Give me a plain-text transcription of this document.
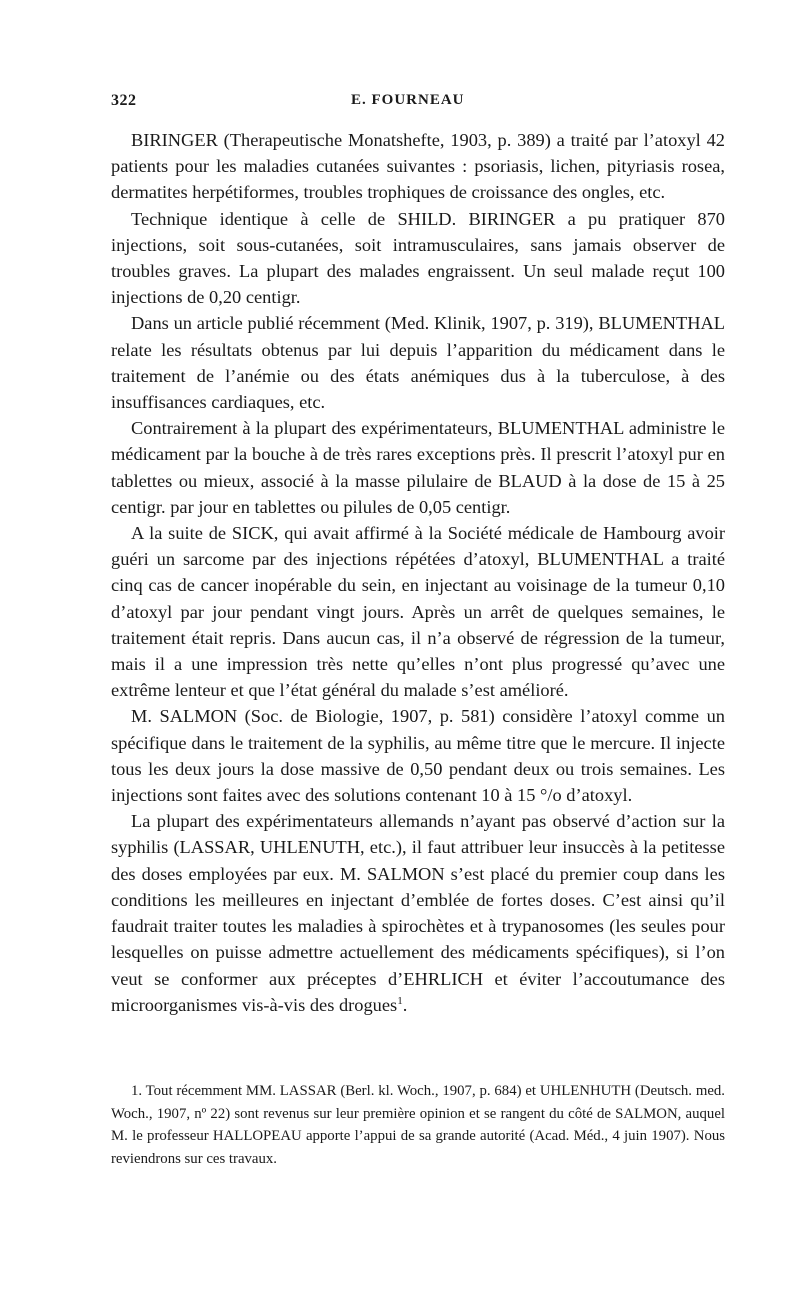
322	E. FOURNEAU

BIRINGER (Therapeutische Monatshefte, 1903, p. 389) a traité par l’atoxyl 42 patients pour les maladies cutanées suivantes : psoriasis, lichen, pityriasis rosea, dermatites herpétiformes, troubles trophiques de croissance des ongles, etc.

Technique identique à celle de SHILD. BIRINGER a pu pratiquer 870 injections, soit sous-cutanées, soit intramusculaires, sans jamais observer de troubles graves. La plupart des malades engraissent. Un seul malade reçut 100 injections de 0,20 centigr.

Dans un article publié récemment (Med. Klinik, 1907, p. 319), BLUMENTHAL relate les résultats obtenus par lui depuis l’apparition du médicament dans le traitement de l’anémie ou des états anémiques dus à la tuberculose, à des insuffisances cardiaques, etc.

Contrairement à la plupart des expérimentateurs, BLUMENTHAL administre le médicament par la bouche à de très rares exceptions près. Il prescrit l’atoxyl pur en tablettes ou mieux, associé à la masse pilulaire de BLAUD à la dose de 15 à 25 centigr. par jour en tablettes ou pilules de 0,05 centigr.

A la suite de SICK, qui avait affirmé à la Société médicale de Hambourg avoir guéri un sarcome par des injections répétées d’atoxyl, BLUMENTHAL a traité cinq cas de cancer inopérable du sein, en injectant au voisinage de la tumeur 0,10 d’atoxyl par jour pendant vingt jours. Après un arrêt de quelques semaines, le traitement était repris. Dans aucun cas, il n’a observé de régression de la tumeur, mais il a une impression très nette qu’elles n’ont plus progressé qu’avec une extrême lenteur et que l’état général du malade s’est amélioré.

M. SALMON (Soc. de Biologie, 1907, p. 581) considère l’atoxyl comme un spécifique dans le traitement de la syphilis, au même titre que le mercure. Il injecte tous les deux jours la dose massive de 0,50 pendant deux ou trois semaines. Les injections sont faites avec des solutions contenant 10 à 15 °/o d’atoxyl.

La plupart des expérimentateurs allemands n’ayant pas observé d’action sur la syphilis (LASSAR, UHLENUTH, etc.), il faut attribuer leur insuccès à la petitesse des doses employées par eux. M. SALMON s’est placé du premier coup dans les conditions les meilleures en injectant d’emblée de fortes doses. C’est ainsi qu’il faudrait traiter toutes les maladies à spirochètes et à trypanosomes (les seules pour lesquelles on puisse admettre actuellement des médicaments spécifiques), si l’on veut se conformer aux préceptes d’EHRLICH et éviter l’accoutumance des microorganismes vis-à-vis des drogues$^1$.

1. Tout récemment MM. LASSAR (Berl. kl. Woch., 1907, p. 684) et UHLENHUTH (Deutsch. med. Woch., 1907, nº 22) sont revenus sur leur première opinion et se rangent du côté de SALMON, auquel M. le professeur HALLOPEAU apporte l’appui de sa grande autorité (Acad. Méd., 4 juin 1907). Nous reviendrons sur ces travaux.
